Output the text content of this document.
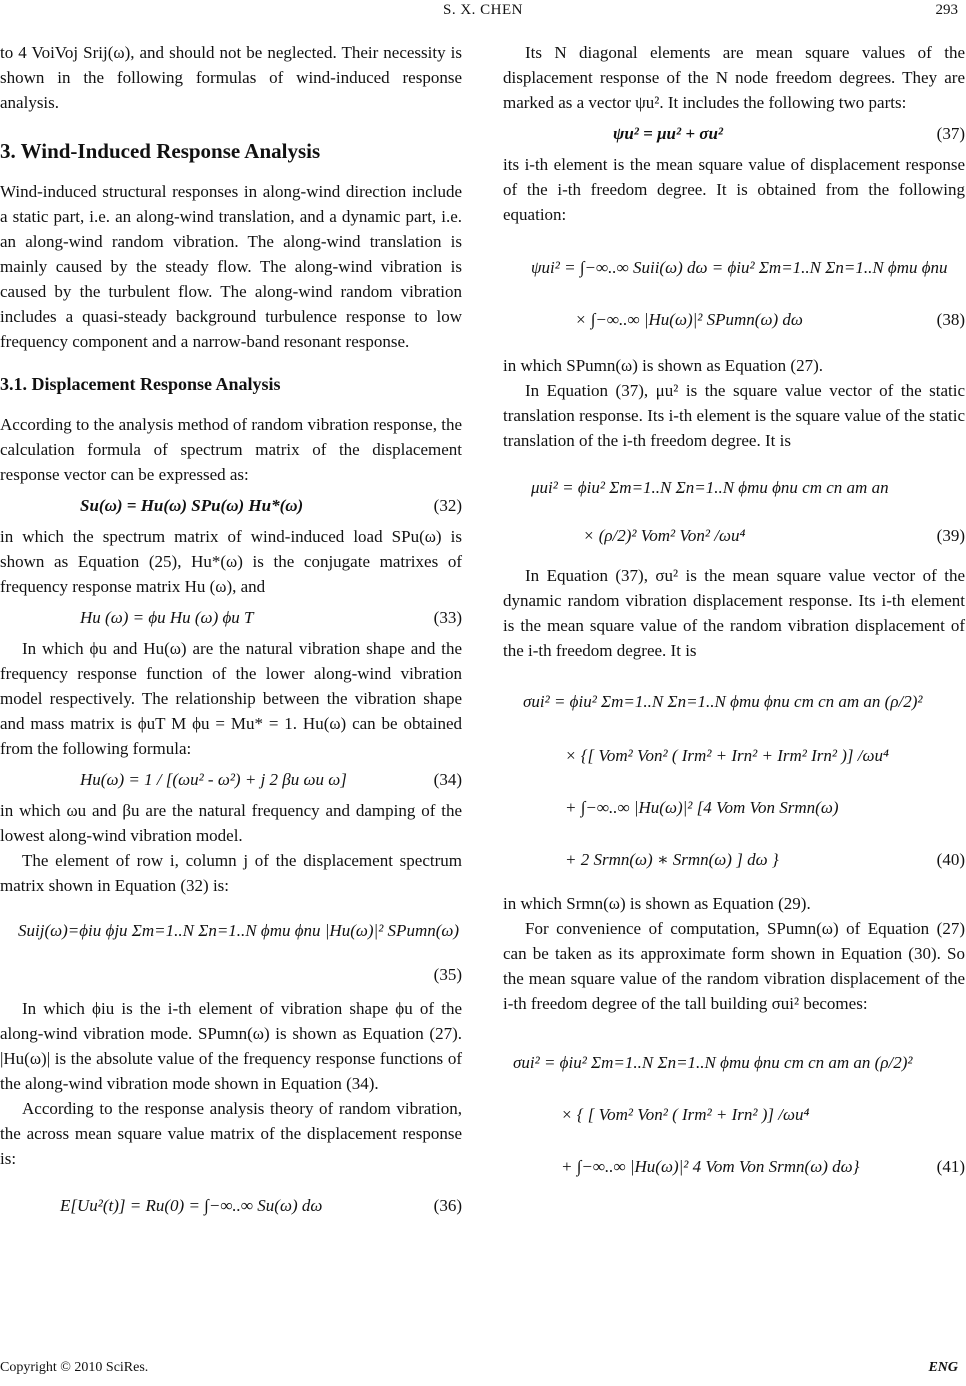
S. X. CHEN	293

to 4 VoiVoj Srij(ω), and should not be neglected. Their necessity is shown in the following formulas of wind-induced response analysis.

3. Wind-Induced Response Analysis

Wind-induced structural responses in along-wind direction include a static part, i.e. an along-wind translation, and a dynamic part, i.e. an along-wind random vibration. The along-wind translation is mainly caused by the steady flow. The along-wind vibration is caused by the turbulent flow. The along-wind random vibration includes a quasi-steady background turbulence response to low frequency component and a narrow-band resonant response.

3.1. Displacement Response Analysis

According to the analysis method of random vibration response, the calculation formula of spectrum matrix of the displacement response vector can be expressed as:

Su(ω) = Hu(ω) SPu(ω) Hu*(ω)	(32)

in which the spectrum matrix of wind-induced load SPu(ω) is shown as Equation (25), Hu*(ω) is the conjugate matrixes of frequency response matrix Hu (ω), and

Hu (ω) = ϕu Hu (ω) ϕu T	(33)

In which ϕu and Hu(ω) are the natural vibration shape and the frequency response function of the lower along-wind vibration model respectively. The relationship between the vibration shape and mass matrix is ϕuT M ϕu = Mu* = 1. Hu(ω) can be obtained from the following formula:

Hu(ω) = 1 / [(ωu² - ω²) + j 2 βu ωu ω]	(34)

in which ωu and βu are the natural frequency and damping of the lowest along-wind vibration model.

The element of row i, column j of the displacement spectrum matrix shown in Equation (32) is:

Suij(ω)=ϕiu ϕju Σm=1..N Σn=1..N ϕmu ϕnu |Hu(ω)|² SPumn(ω)
(35)

In which ϕiu is the i-th element of vibration shape ϕu of the along-wind vibration mode. SPumn(ω) is shown as Equation (27). |Hu(ω)| is the absolute value of the frequency response functions of the along-wind vibration mode shown in Equation (34).

According to the response analysis theory of random vibration, the across mean square value matrix of the displacement response is:

E[Uu²(t)] = Ru(0) = ∫−∞..∞ Su(ω) dω	(36)

Its N diagonal elements are mean square values of the displacement response of the N node freedom degrees. They are marked as a vector ψu². It includes the following two parts:

ψu² = μu² + σu²	(37)

its i-th element is the mean square value of displacement response of the i-th freedom degree. It is obtained from the following equation:

ψui² = ∫−∞..∞ Suii(ω) dω = ϕiu² Σm=1..N Σn=1..N ϕmu ϕnu
× ∫−∞..∞ |Hu(ω)|² SPumn(ω) dω	(38)

in which SPumn(ω) is shown as Equation (27).

In Equation (37), μu² is the square value vector of the static translation response. Its i-th element is the square value of the static translation of the i-th freedom degree. It is

μui² = ϕiu² Σm=1..N Σn=1..N ϕmu ϕnu cm cn am an
× (ρ/2)² Vom² Von² /ωu⁴	(39)

In Equation (37), σu² is the mean square value vector of the dynamic random vibration displacement response. Its i-th element is the mean square value of the random vibration displacement of the i-th freedom degree. It is

σui² = ϕiu² Σm=1..N Σn=1..N ϕmu ϕnu cm cn am an (ρ/2)²
× {[ Vom² Von² ( Irm² + Irn² + Irm² Irn² )] /ωu⁴
+ ∫−∞..∞ |Hu(ω)|² [4 Vom Von Srmn(ω)
+ 2 Srmn(ω) ∗ Srmn(ω) ] dω }	(40)

in which Srmn(ω) is shown as Equation (29).

For convenience of computation, SPumn(ω) of Equation (27) can be taken as its approximate form shown in Equation (30). So the mean square value of the random vibration displacement of the i-th freedom degree of the tall building σui² becomes:

σui² = ϕiu² Σm=1..N Σn=1..N ϕmu ϕnu cm cn am an (ρ/2)²
× { [ Vom² Von² ( Irm² + Irn² )] /ωu⁴
+ ∫−∞..∞ |Hu(ω)|² 4 Vom Von Srmn(ω) dω}	(41)
Copyright © 2010 SciRes.	ENG
